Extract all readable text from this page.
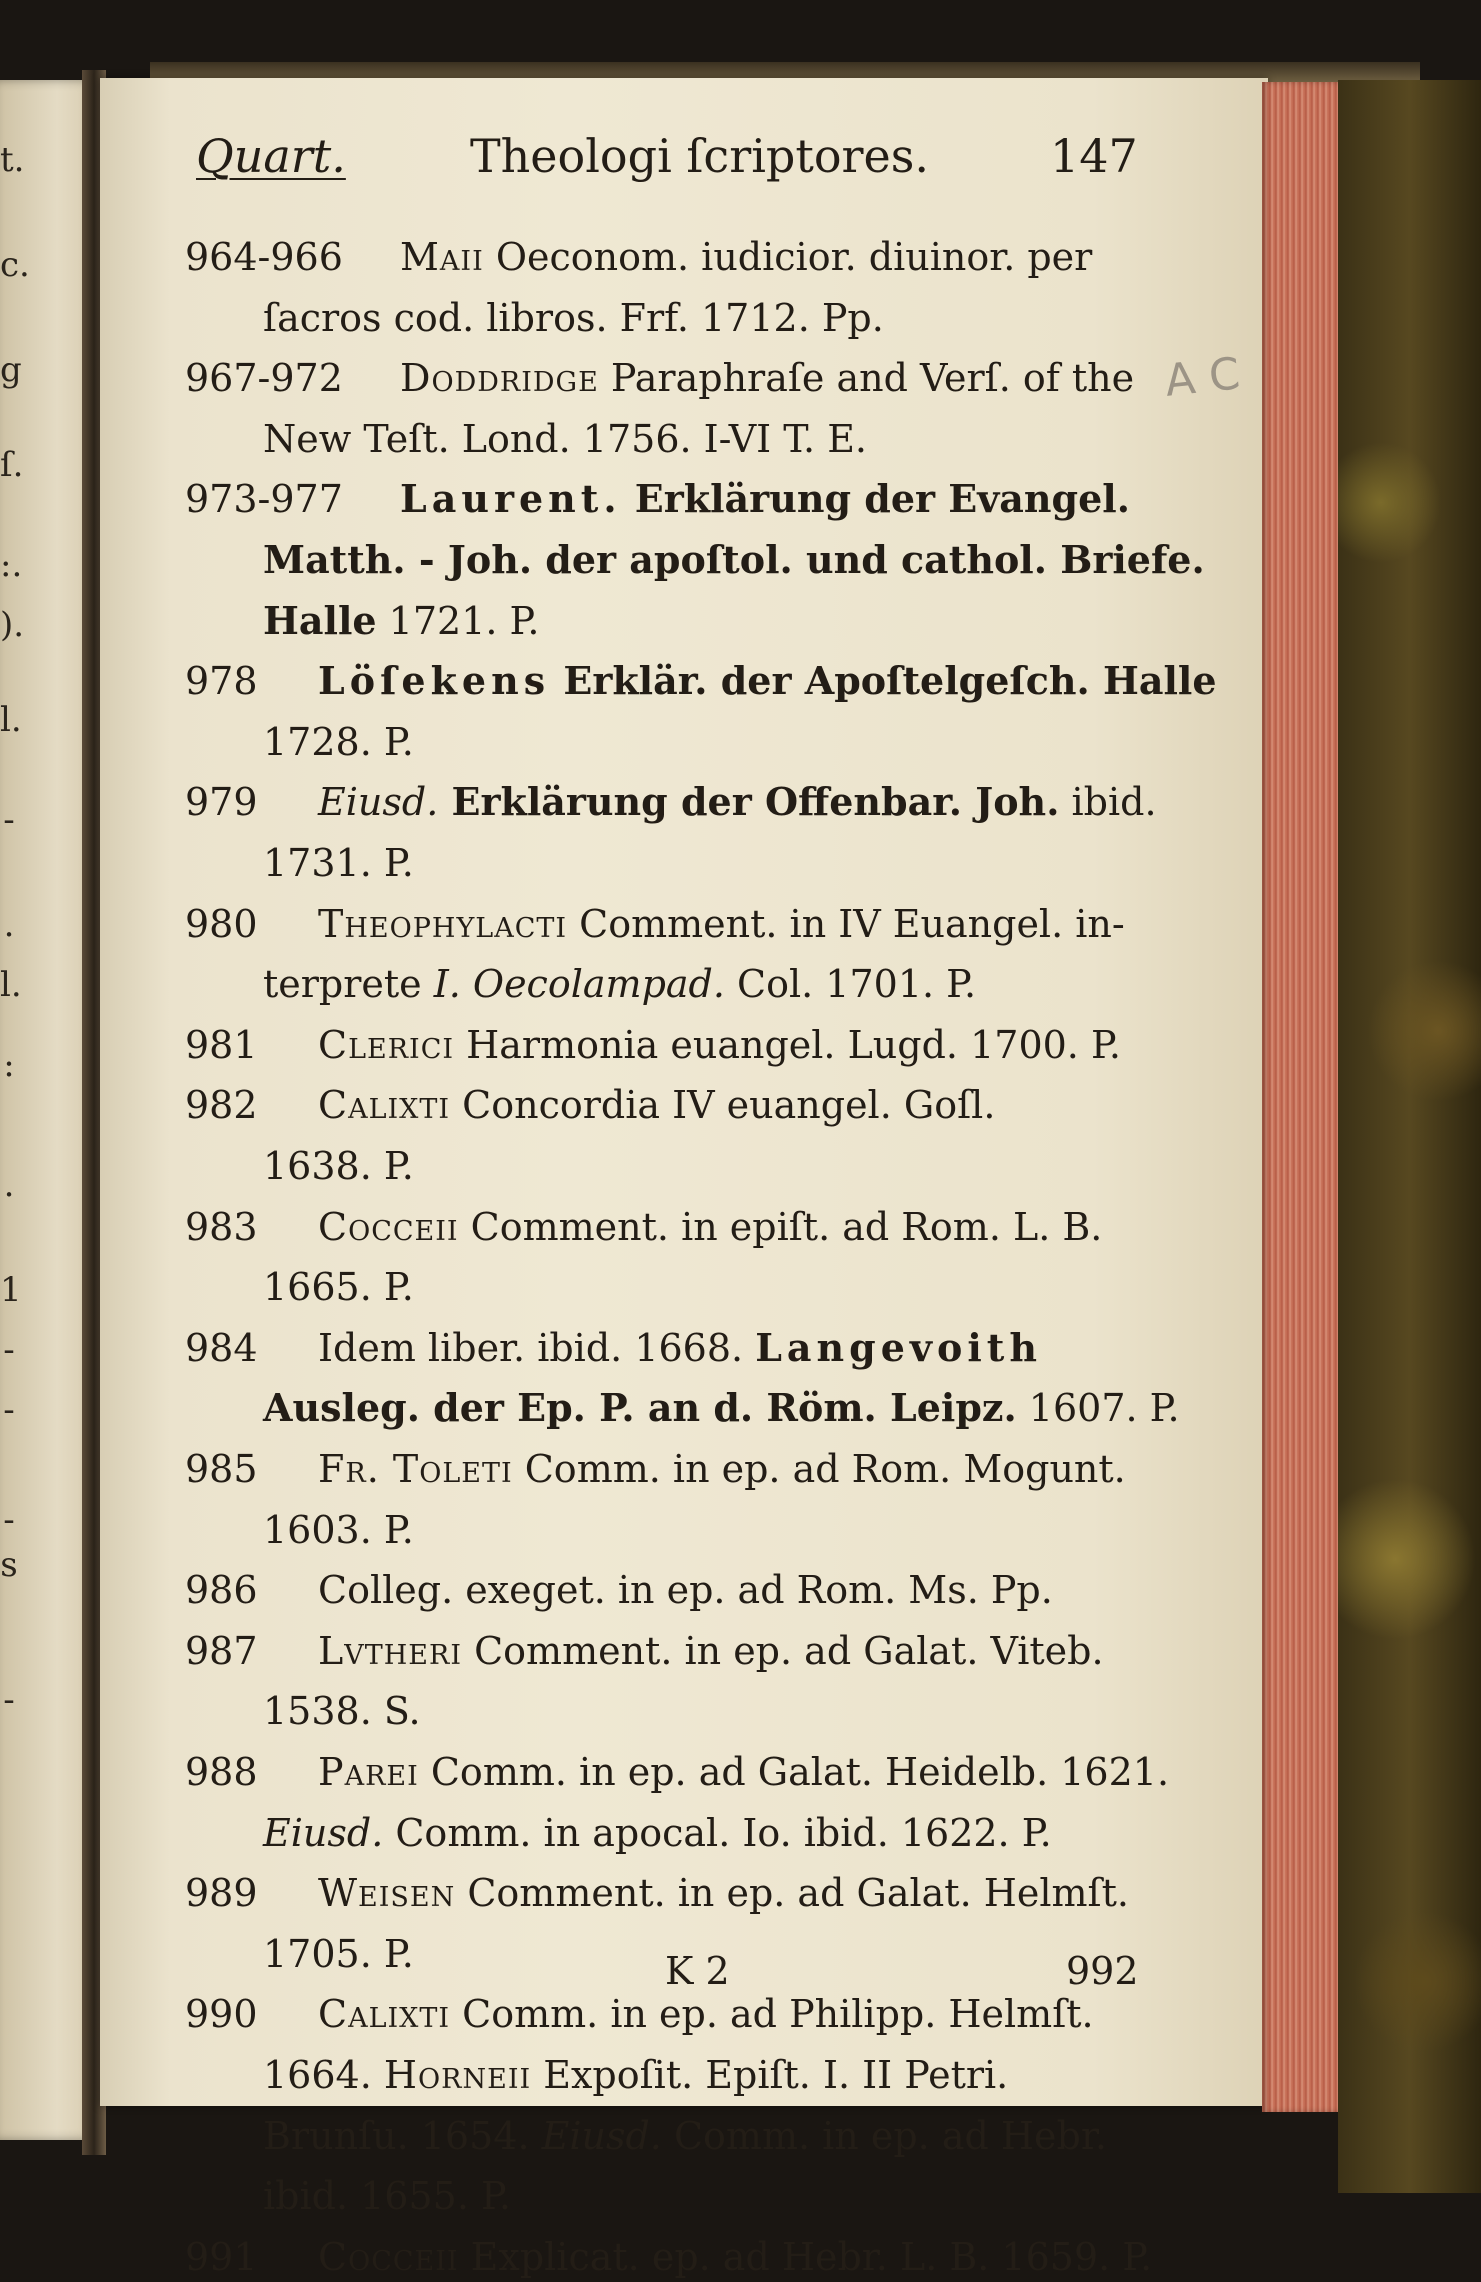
Quart.	Theologi ſcriptores.	147
t.
c.
g
ſ.
:.
).
l.
-
.
l.
:
.
1
-
-
-
s
-
964-966 Maii Oeconom. iudicior. diuinor. per
ſacros cod. libros. Frf. 1712. Pp.
967-972 Doddridge Paraphraſe and Verſ. of the
New Teſt. Lond. 1756. I-VI T. E.
973-977 Laurent. Erklärung der Evangel.
Matth. - Joh. der apoſtol. und cathol. Briefe.
Halle 1721. P.
978 Löſekens Erklär. der Apoſtelgeſch. Halle
1728. P.
979 Eiusd. Erklärung der Offenbar. Joh. ibid.
1731. P.
980 Theophylacti Comment. in IV Euangel. in-
terprete I. Oecolampad. Col. 1701. P.
981 Clerici Harmonia euangel. Lugd. 1700. P.
982 Calixti Concordia IV euangel. Goſl.
1638. P.
983 Coccеii Comment. in epiſt. ad Rom. L. B.
1665. P.
984 Idem liber. ibid. 1668. Langevoith
Ausleg. der Ep. P. an d. Röm. Leipz. 1607. P.
985 Fr. Toleti Comm. in ep. ad Rom. Mogunt.
1603. P.
986 Colleg. exeget. in ep. ad Rom. Ms. Pp.
987 Lvtheri Comment. in ep. ad Galat. Viteb.
1538. S.
988 Parei Comm. in ep. ad Galat. Heidelb. 1621.
Eiusd. Comm. in apocal. Io. ibid. 1622. P.
989 Weisen Comment. in ep. ad Galat. Helmſt.
1705. P.
990 Calixti Comm. in ep. ad Philipp. Helmſt.
1664. Horneii Expoſit. Epiſt. I. II Petri.
Brunſu. 1654. Eiusd. Comm. in ep. ad Hebr.
ibid. 1655. P.
991 Coccеii Explicat. ep. ad Hebr. L. B. 1659. P.
K 2	992
A C
